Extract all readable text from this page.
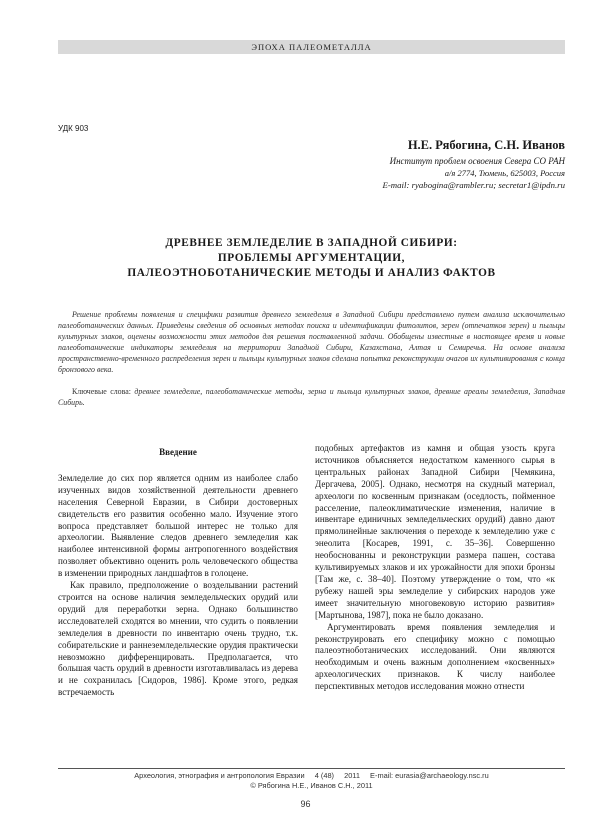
ЭПОХА ПАЛЕОМЕТАЛЛА
УДК 903
Н.Е. Рябогина, С.Н. Иванов
Институт проблем освоения Севера СО РАН
а/я 2774, Тюмень, 625003, Россия
E-mail: ryabogina@rambler.ru; secretar1@ipdn.ru
ДРЕВНЕЕ ЗЕМЛЕДЕЛИЕ В ЗАПАДНОЙ СИБИРИ:
ПРОБЛЕМЫ АРГУМЕНТАЦИИ,
ПАЛЕОЭТНОБОТАНИЧЕСКИЕ МЕТОДЫ И АНАЛИЗ ФАКТОВ
Решение проблемы появления и специфики развития древнего земледелия в Западной Сибири представлено путем анализа исключительно палеоботанических данных. Приведены сведения об основных методах поиска и идентификации фитолитов, зерен (отпечатков зерен) и пыльцы культурных злаков, оценены возможности этих методов для решения поставленной задачи. Обобщены известные в настоящее время и новые палеоботанические индикаторы земледелия на территории Западной Сибири, Казахстана, Алтая и Семиречья. На основе анализа пространственно-временного распределения зерен и пыльцы культурных злаков сделана попытка реконструкции очагов их культивирования с конца бронзового века.
Ключевые слова: древнее земледелие, палеоботанические методы, зерна и пыльца культурных злаков, древние ареалы земледелия, Западная Сибирь.
Введение

Земледелие до сих пор является одним из наиболее слабо изученных видов хозяйственной деятельности древнего населения Северной Евразии, в Сибири достоверных свидетельств его развития особенно мало. Изучение этого вопроса представляет большой интерес не только для археологии. Выявление следов древнего земледелия как наиболее интенсивной формы антропогенного воздействия позволяет объективно оценить роль человеческого общества в изменении природных ландшафтов в голоцене.

Как правило, предположение о возделывании растений строится на основе наличия земледельческих орудий или орудий для переработки зерна. Однако большинство исследователей сходятся во мнении, что судить о появлении земледелия в древности по инвентарю очень трудно, т.к. собирательские и раннеземледельческие орудия практически невозможно дифференцировать. Предполагается, что большая часть орудий в древности изготавливалась из дерева и не сохранилась [Сидоров, 1986]. Кроме этого, редкая встречаемость

подобных артефактов из камня и общая узость круга источников объясняется недостатком каменного сырья в центральных районах Западной Сибири [Чемякина, Дергачева, 2005]. Однако, несмотря на скудный материал, археологи по косвенным признакам (оседлость, пойменное расселение, палеоклиматические изменения, наличие в инвентаре единичных земледельческих орудий) давно дают прямолинейные заключения о переходе к земледелию уже с энеолита [Косарев, 1991, с. 35–36]. Совершенно необоснованны и реконструкции размера пашен, состава культивируемых злаков и их урожайности для эпохи бронзы [Там же, с. 38–40]. Поэтому утверждение о том, что «к рубежу нашей эры земледелие у сибирских народов уже имеет значительную многовековую историю развития» [Мартынова, 1987], пока не было доказано.

Аргументировать время появления земледелия и реконструировать его специфику можно с помощью палеоэтноботанических исследований. Они являются необходимым и очень важным дополнением «косвенных» археологических признаков. К числу наиболее перспективных методов исследования можно отнести

Археология, этнография и антропология Евразии 4 (48) 2011 E-mail: eurasia@archaeology.nsc.ru
© Рябогина Н.Е., Иванов С.Н., 2011
96
